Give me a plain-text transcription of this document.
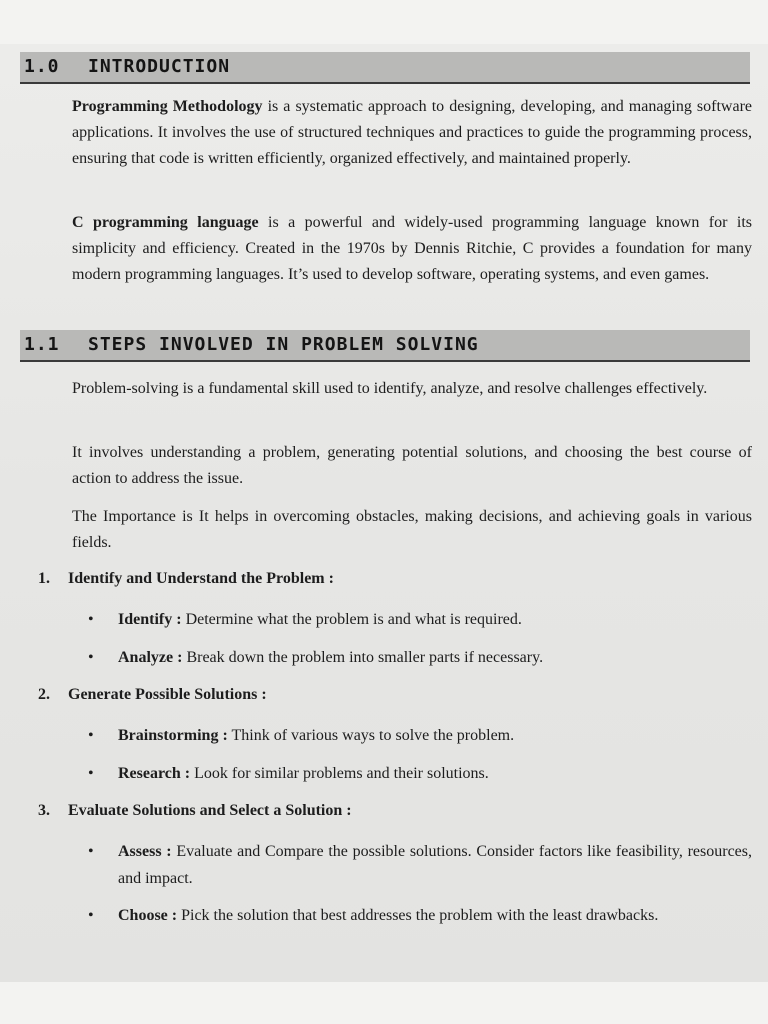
1.0 INTRODUCTION
Programming Methodology is a systematic approach to designing, developing, and managing software applications. It involves the use of structured techniques and practices to guide the programming process, ensuring that code is written efficiently, organized effectively, and maintained properly.
C programming language is a powerful and widely-used programming language known for its simplicity and efficiency. Created in the 1970s by Dennis Ritchie, C provides a foundation for many modern programming languages. It’s used to develop software, operating systems, and even games.
1.1 STEPS INVOLVED IN PROBLEM SOLVING
Problem-solving is a fundamental skill used to identify, analyze, and resolve challenges effectively.
It involves understanding a problem, generating potential solutions, and choosing the best course of action to address the issue.
The Importance is It helps in overcoming obstacles, making decisions, and achieving goals in various fields.
1. Identify and Understand the Problem :
• Identify : Determine what the problem is and what is required.
• Analyze : Break down the problem into smaller parts if necessary.
2. Generate Possible Solutions :
• Brainstorming : Think of various ways to solve the problem.
• Research : Look for similar problems and their solutions.
3. Evaluate Solutions and Select a Solution :
• Assess : Evaluate and Compare the possible solutions. Consider factors like feasibility, resources, and impact.
• Choose : Pick the solution that best addresses the problem with the least drawbacks.
